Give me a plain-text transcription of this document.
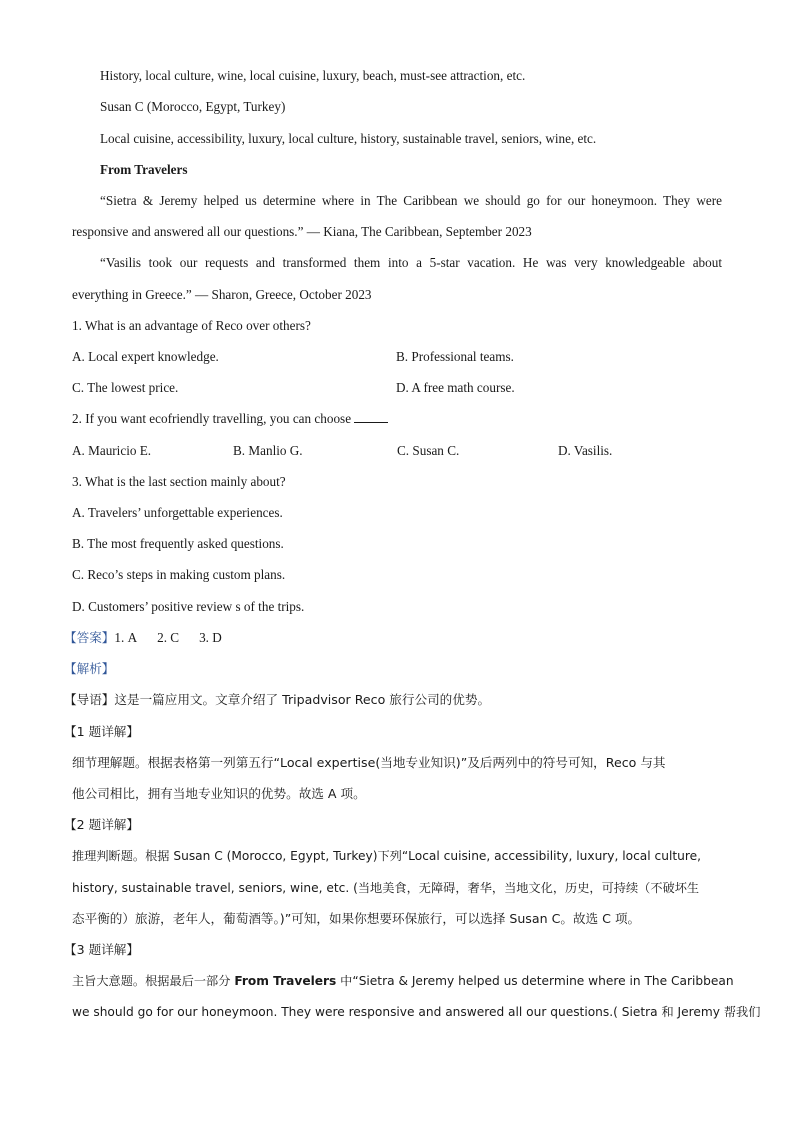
History, local culture, wine, local cuisine, luxury, beach, must-see attraction, etc.
Susan C (Morocco, Egypt, Turkey)
Local cuisine, accessibility, luxury, local culture, history, sustainable travel, seniors, wine, etc.
From Travelers
“Sietra & Jeremy helped us determine where in The Caribbean we should go for our honeymoon. They were
responsive and answered all our questions.” — Kiana, The Caribbean, September 2023
“Vasilis took our requests and transformed them into a 5-star vacation. He was very knowledgeable about
everything in Greece.” — Sharon, Greece, October 2023
1. What is an advantage of Reco over others?
A. Local expert knowledge.	B. Professional teams.
C. The lowest price.	D. A free math course.
2. If you want ecofriendly travelling, you can choose
A. Mauricio E.	B. Manlio G.	C. Susan C.	D. Vasilis.
3. What is the last section mainly about?
A. Travelers’ unforgettable experiences.
B. The most frequently asked questions.
C. Reco’s steps in making custom plans.
D. Customers’ positive review s of the trips.
【答案】1. A 2. C 3. D
【解析】
【导语】这是一篇应用文。文章介绍了 Tripadvisor Reco 旅行公司的优势。
【1 题详解】
细节理解题。根据表格第一列第五行“Local expertise(当地专业知识)”及后两列中的符号可知，Reco 与其
他公司相比，拥有当地专业知识的优势。故选 A 项。
【2 题详解】
推理判断题。根据 Susan C (Morocco, Egypt, Turkey)下列“Local cuisine, accessibility, luxury, local culture,
history, sustainable travel, seniors, wine, etc. (当地美食，无障碍，奢华，当地文化，历史，可持续（不破坏生
态平衡的）旅游，老年人，葡萄酒等。)”可知，如果你想要环保旅行，可以选择 Susan C。故选 C 项。
【3 题详解】
主旨大意题。根据最后一部分 From Travelers 中“Sietra & Jeremy helped us determine where in The Caribbean
we should go for our honeymoon. They were responsive and answered all our questions.( Sietra 和 Jeremy 帮我们
